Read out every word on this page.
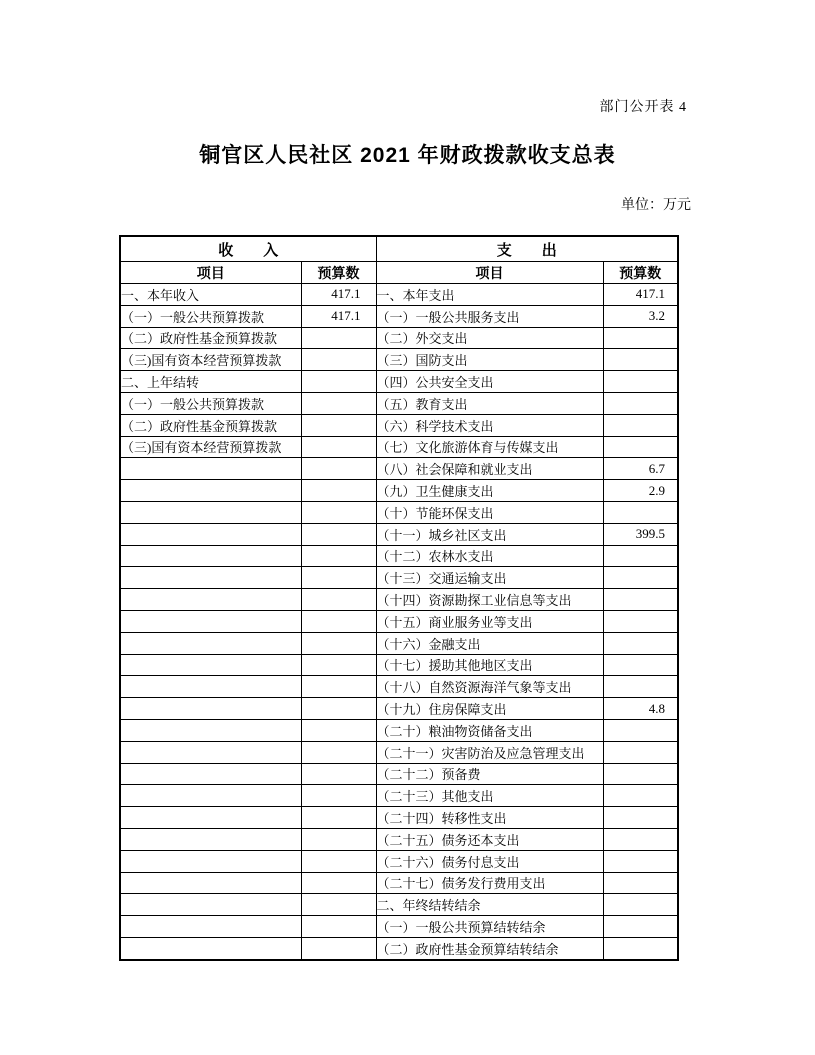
部门公开表 4
铜官区人民社区 2021 年财政拨款收支总表
单位：万元
收　　入		支　　出	
项目	预算数	项目	预算数
一、本年收入	417.1	一、本年支出	417.1
（一）一般公共预算拨款	417.1	（一）一般公共服务支出	3.2
（二）政府性基金预算拨款		（二）外交支出	
（三)国有资本经营预算拨款		（三）国防支出	
二、上年结转		（四）公共安全支出	
（一）一般公共预算拨款		（五）教育支出	
（二）政府性基金预算拨款		（六）科学技术支出	
（三)国有资本经营预算拨款		（七）文化旅游体育与传媒支出	
		（八）社会保障和就业支出	6.7
		（九）卫生健康支出	2.9
		（十）节能环保支出	
		（十一）城乡社区支出	399.5
		（十二）农林水支出	
		（十三）交通运输支出	
		（十四）资源勘探工业信息等支出	
		（十五）商业服务业等支出	
		（十六）金融支出	
		（十七）援助其他地区支出	
		（十八）自然资源海洋气象等支出	
		（十九）住房保障支出	4.8
		（二十）粮油物资储备支出	
		（二十一）灾害防治及应急管理支出	
		（二十二）预备费	
		（二十三）其他支出	
		（二十四）转移性支出	
		（二十五）债务还本支出	
		（二十六）债务付息支出	
		（二十七）债务发行费用支出	
		二、年终结转结余	
		（一）一般公共预算结转结余	
		（二）政府性基金预算结转结余	
